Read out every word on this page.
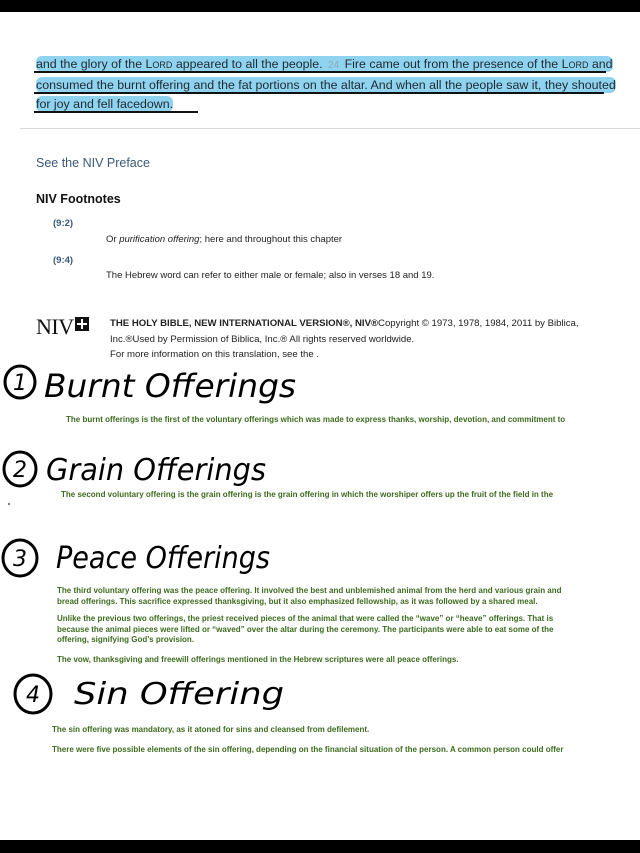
and the glory of the Lord appeared to all the people. 24 Fire came out from the presence of the Lord and
consumed the burnt offering and the fat portions on the altar. And when all the people saw it, they shouted
for joy and fell facedown.
See the NIV Preface
NIV Footnotes
(9:2)
Or purification offering; here and throughout this chapter
(9:4)
The Hebrew word can refer to either male or female; also in verses 18 and 19.
NIV	THE HOLY BIBLE, NEW INTERNATIONAL VERSION®, NIV®Copyright © 1973, 1978, 1984, 2011 by Biblica,
Inc.®Used by Permission of Biblica, Inc.® All rights reserved worldwide.
For more information on this translation, see the .
1
2
3
4
Burnt Offerings
Grain Offerings
Peace Offerings
Sin Offering
The burnt offerings is the first of the voluntary offerings which was made to express thanks, worship, devotion, and commitment to
The second voluntary offering is the grain offering is the grain offering in which the worshiper offers up the fruit of the field in the
The third voluntary offering was the peace offering. It involved the best and unblemished animal from the herd and various grain and
bread offerings. This sacrifice expressed thanksgiving, but it also emphasized fellowship, as it was followed by a shared meal.
Unlike the previous two offerings, the priest received pieces of the animal that were called the “wave” or “heave” offerings. That is
because the animal pieces were lifted or “waved” over the altar during the ceremony. The participants were able to eat some of the
offering, signifying God’s provision.
The vow, thanksgiving and freewill offerings mentioned in the Hebrew scriptures were all peace offerings.
The sin offering was mandatory, as it atoned for sins and cleansed from defilement.
There were five possible elements of the sin offering, depending on the financial situation of the person. A common person could offer
